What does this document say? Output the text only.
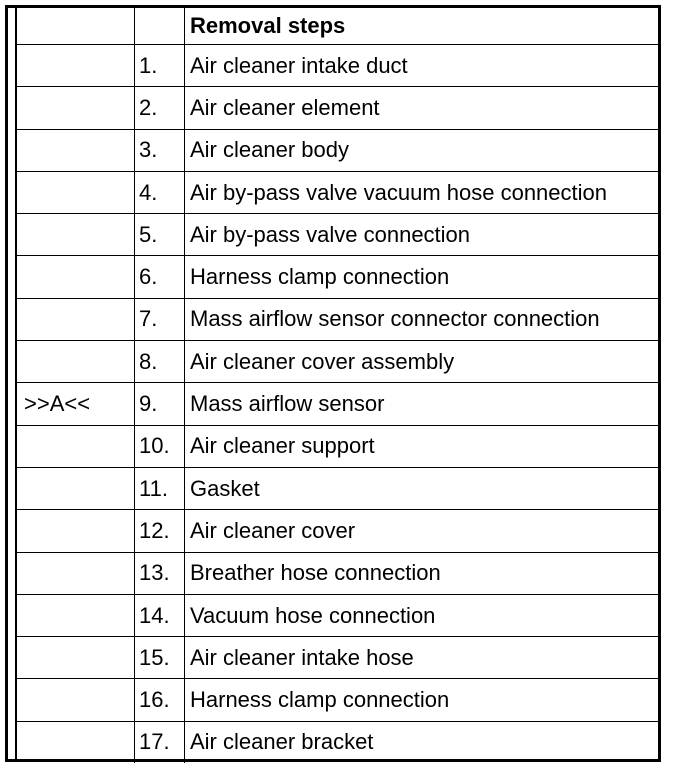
		Removal steps
	1.	Air cleaner intake duct
	2.	Air cleaner element
	3.	Air cleaner body
	4.	Air by-pass valve vacuum hose connection
	5.	Air by-pass valve connection
	6.	Harness clamp connection
	7.	Mass airflow sensor connector connection
	8.	Air cleaner cover assembly
>>A<<	9.	Mass airflow sensor
	10.	Air cleaner support
	11.	Gasket
	12.	Air cleaner cover
	13.	Breather hose connection
	14.	Vacuum hose connection
	15.	Air cleaner intake hose
	16.	Harness clamp connection
	17.	Air cleaner bracket
